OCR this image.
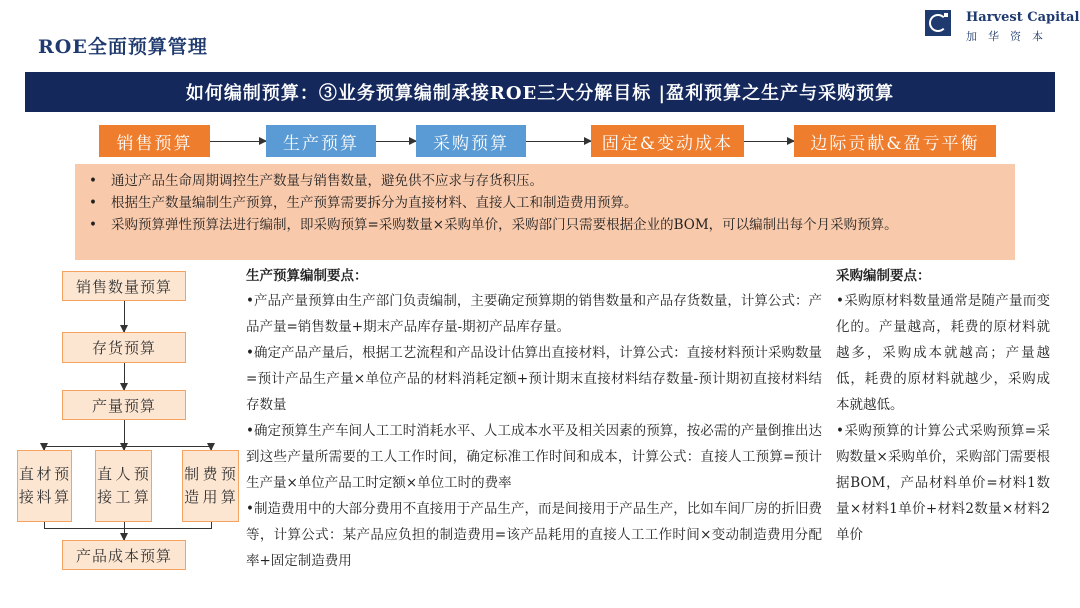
ROE全面预算管理
Harvest Capital
加华资本
如何编制预算：③业务预算编制承接ROE三大分解目标 |盈利预算之生产与采购预算
销售预算	生产预算	采购预算	固定&变动成本	边际贡献&盈亏平衡
• 通过产品生命周期调控生产数量与销售数量，避免供不应求与存货积压。
• 根据生产数量编制生产预算，生产预算需要拆分为直接材料、直接人工和制造费用预算。
• 采购预算弹性预算法进行编制，即采购预算=采购数量×采购单价，采购部门只需要根据企业的BOM，可以编制出每个月采购预算。
销售数量预算
存货预算
产量预算
直接
材料
预算
直接
人工
预算
制造
费用
预算
产品成本预算
生产预算编制要点：

•产品产量预算由生产部门负责编制，主要确定预算期的销售数量和产品存货数量，计算公式：产品产量=销售数量+期末产品库存量-期初产品库存量。

•确定产品产量后，根据工艺流程和产品设计估算出直接材料，计算公式：直接材料预计采购数量=预计产品生产量×单位产品的材料消耗定额+预计期末直接材料结存数量-预计期初直接材料结存数量

•确定预算生产车间人工工时消耗水平、人工成本水平及相关因素的预算，按必需的产量倒推出达到这些产量所需要的工人工作时间，确定标准工作时间和成本，计算公式：直接人工预算=预计生产量×单位产品工时定额×单位工时的费率

•制造费用中的大部分费用不直接用于产品生产，而是间接用于产品生产，比如车间厂房的折旧费等，计算公式：某产品应负担的制造费用=该产品耗用的直接人工工作时间×变动制造费用分配率+固定制造费用

采购编制要点：

•采购原材料数量通常是随产量而变化的。产量越高，耗费的原材料就越多，采购成本就越高；产量越低，耗费的原材料就越少，采购成本就越低。

•采购预算的计算公式采购预算=采购数量×采购单价，采购部门需要根据BOM，产品材料单价=材料1数量×材料1单价+材料2数量×材料2单价
